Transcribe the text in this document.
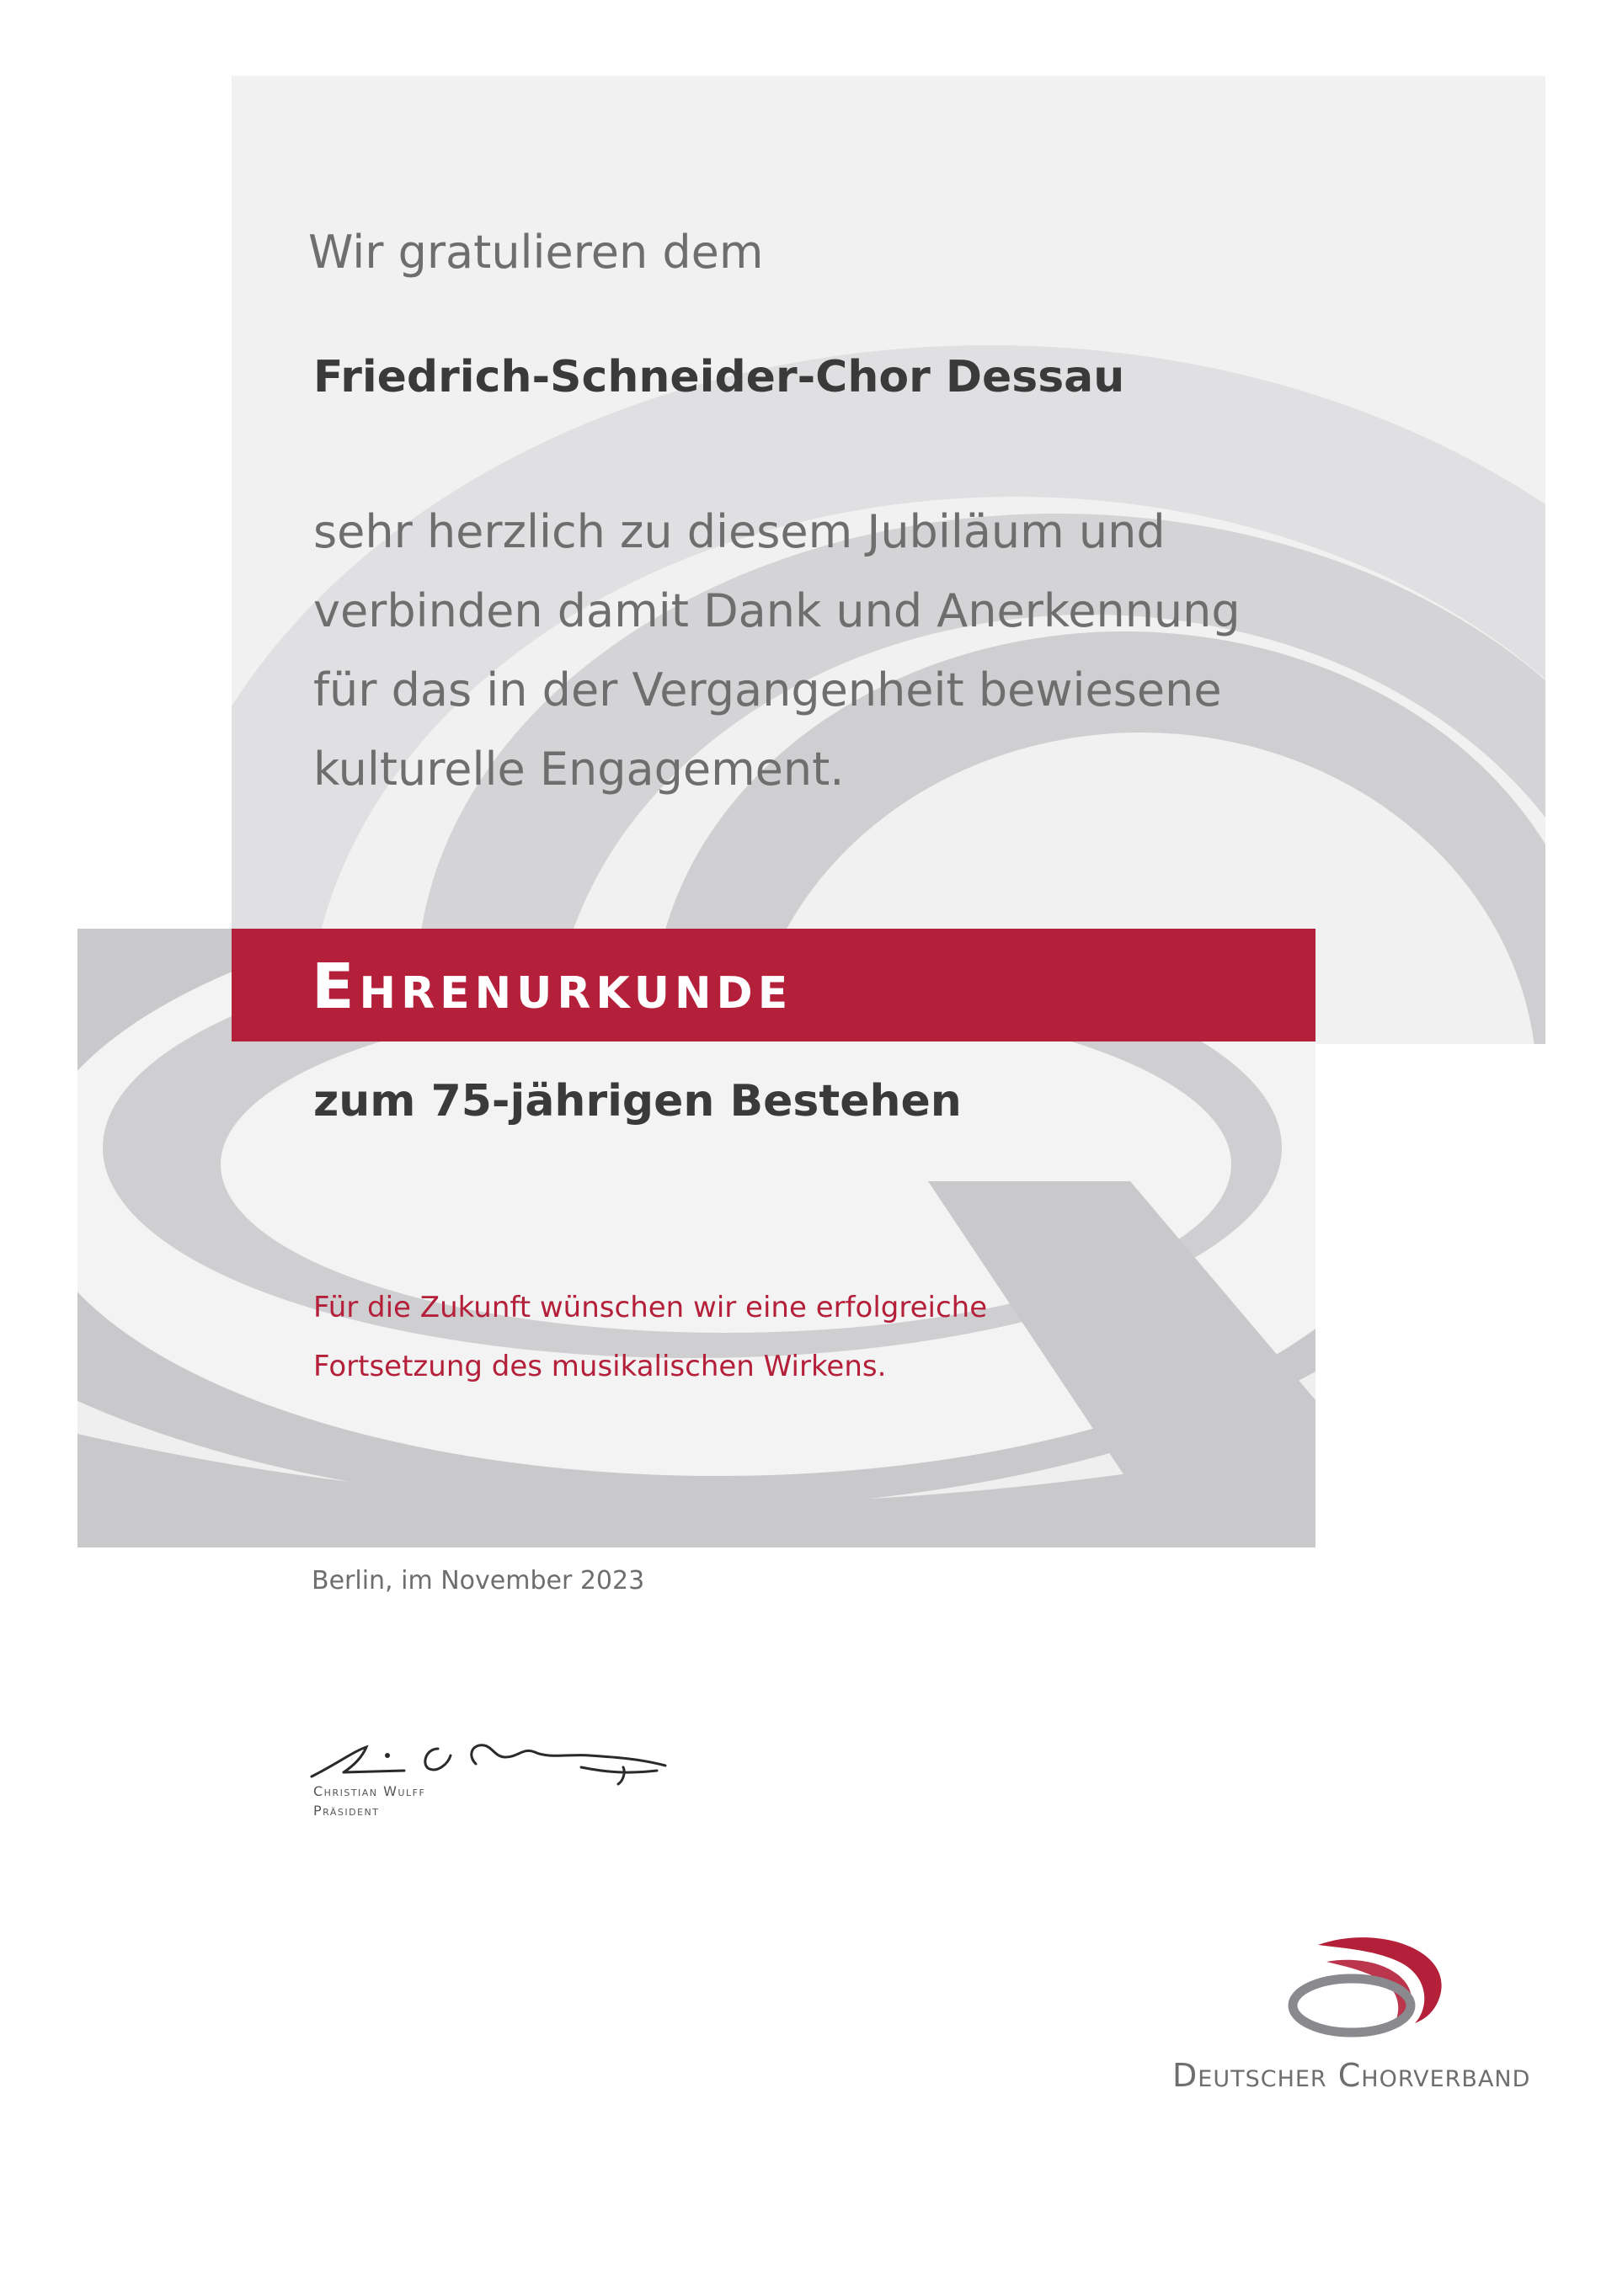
Wir gratulieren dem

Friedrich-Schneider-Chor Dessau

sehr herzlich zu diesem Jubiläum und
verbinden damit Dank und Anerkennung
für das in der Vergangenheit bewiesene
kulturelle Engagement.

Ehrenurkunde

zum 75-jährigen Bestehen

Für die Zukunft wünschen wir eine erfolgreiche
Fortsetzung des musikalischen Wirkens.

Berlin, im November 2023

Christian Wulff

Präsident

Deutscher Chorverband
